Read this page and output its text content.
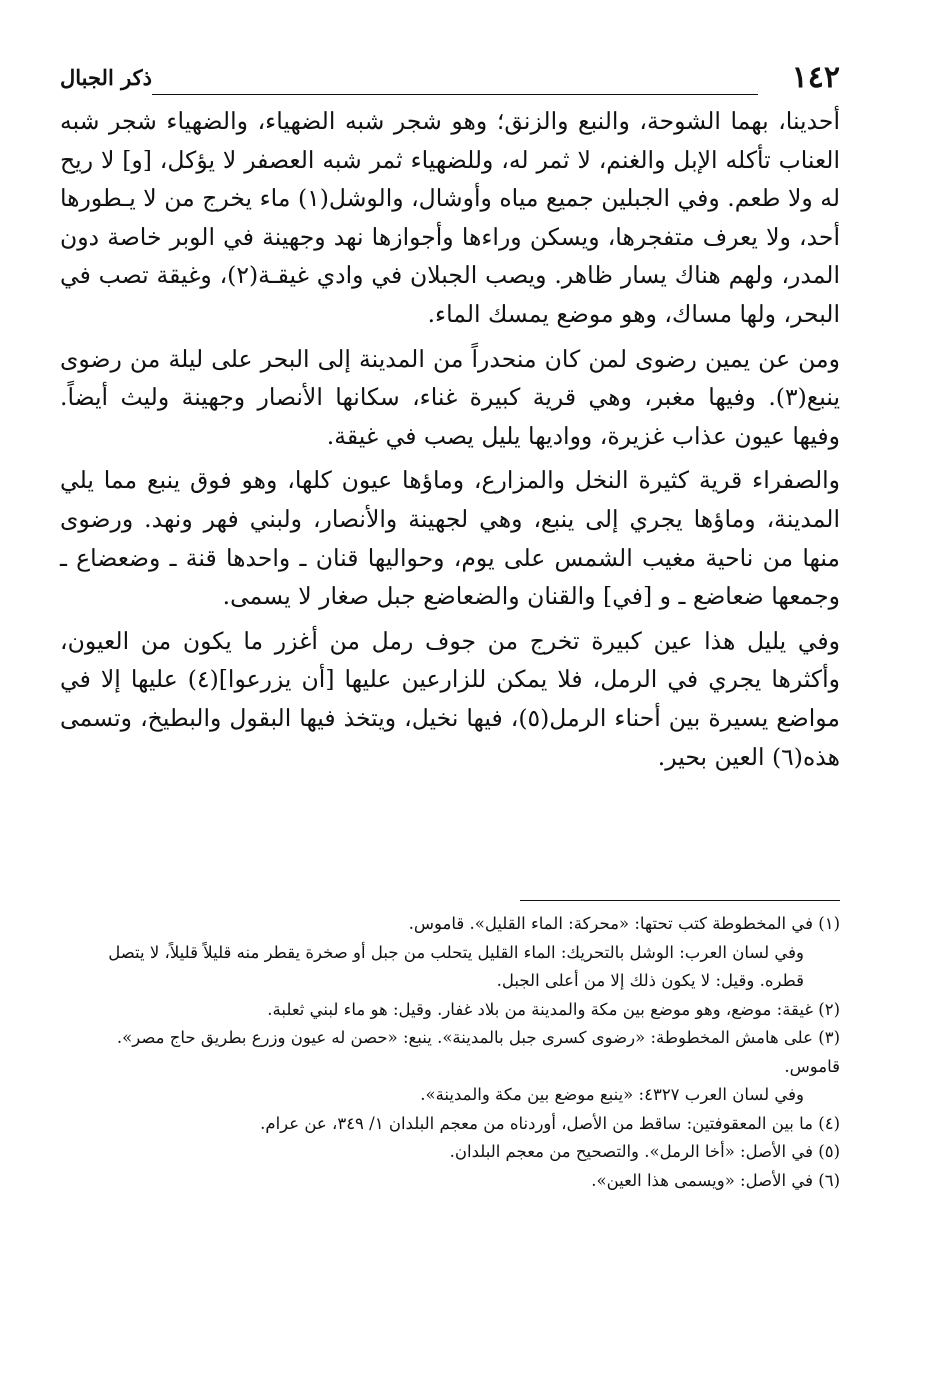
١٤٢
ذكر الجبال

أحدينا، بهما الشوحة، والنبع والزنق؛ وهو شجر شبه الضهياء، والضهياء شجر شبه العناب تأكله الإبل والغنم، لا ثمر له، وللضهياء ثمر شبه العصفر لا يؤكل، [و] لا ريح له ولا طعم. وفي الجبلين جميع مياه وأوشال، والوشل(١) ماء يخرج من لا يـطورها أحد، ولا يعرف متفجرها، ويسكن وراءها وأجوازها نهد وجهينة في الوبر خاصة دون المدر، ولهم هناك يسار ظاهر. ويصب الجبلان في وادي غيقـة(٢)، وغيقة تصب في البحر، ولها مساك، وهو موضع يمسك الماء.

ومن عن يمين رضوى لمن كان منحدراً من المدينة إلى البحر على ليلة من رضوى ينبع(٣). وفيها مغبر، وهي قرية كبيرة غناء، سكانها الأنصار وجهينة وليث أيضاً. وفيها عيون عذاب غزيرة، وواديها يليل يصب في غيقة.

والصفراء قرية كثيرة النخل والمزارع، وماؤها عيون كلها، وهو فوق ينبع مما يلي المدينة، وماؤها يجري إلى ينبع، وهي لجهينة والأنصار، ولبني فهر ونهد. ورضوى منها من ناحية مغيب الشمس على يوم، وحواليها قنان ـ واحدها قنة ـ وضعضاع ـ وجمعها ضعاضع ـ و [في] والقنان والضعاضع جبل صغار لا يسمى.

وفي يليل هذا عين كبيرة تخرج من جوف رمل من أغزر ما يكون من العيون، وأكثرها يجري في الرمل، فلا يمكن للزارعين عليها [أن يزرعوا](٤) عليها إلا في مواضع يسيرة بين أحناء الرمل(٥)، فيها نخيل، ويتخذ فيها البقول والبطيخ، وتسمى هذه(٦) العين بحير.

(١) في المخطوطة كتب تحتها: «محركة: الماء القليل». قاموس.

وفي لسان العرب: الوشل بالتحريك: الماء القليل يتحلب من جبل أو صخرة يقطر منه قليلاً قليلاً، لا يتصل قطره. وقيل: لا يكون ذلك إلا من أعلى الجبل.

(٢) غيقة: موضع، وهو موضع بين مكة والمدينة من بلاد غفار. وقيل: هو ماء لبني ثعلبة.

(٣) على هامش المخطوطة: «رضوى كسرى جبل بالمدينة». ينبع: «حصن له عيون وزرع بطريق حاج مصر». قاموس.

وفي لسان العرب ٤٣٢٧: «ينبع موضع بين مكة والمدينة».

(٤) ما بين المعقوفتين: ساقط من الأصل، أوردناه من معجم البلدان ١/ ٣٤٩، عن عرام.

(٥) في الأصل: «أخا الرمل». والتصحيح من معجم البلدان.

(٦) في الأصل: «ويسمى هذا العين».
